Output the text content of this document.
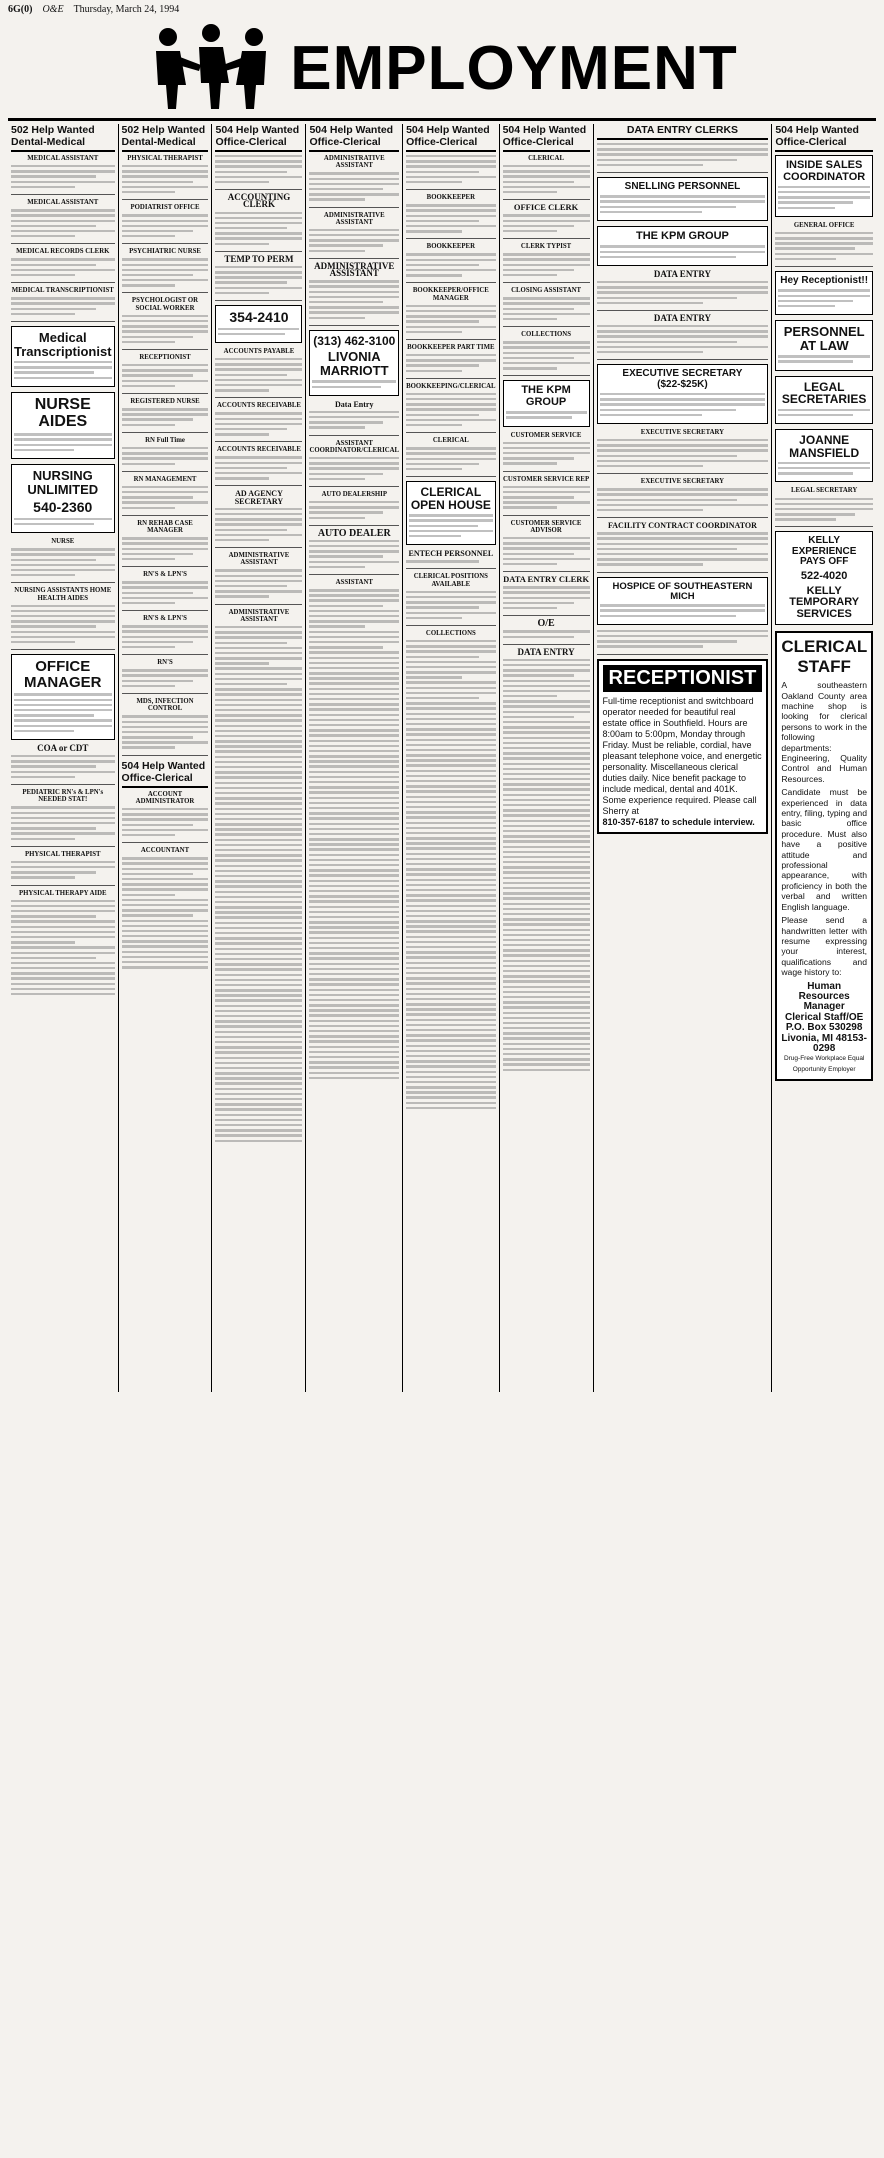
6G(0) O&E Thursday, March 24, 1994
EMPLOYMENT
502 Help Wanted
Dental-Medical
MEDICAL ASSISTANT
MEDICAL ASSISTANT
MEDICAL RECORDS CLERK
MEDICAL TRANSCRIPTIONIST
Medical Transcriptionist
NURSE AIDES
NURSING UNLIMITED
540-2360
NURSE
NURSING ASSISTANTS HOME HEALTH AIDES
OFFICE MANAGER
COA or CDT
PEDIATRIC RN's & LPN's NEEDED STAT!
PHYSICAL THERAPIST
PHYSICAL THERAPY AIDE
502 Help Wanted
Dental-Medical
PHYSICAL THERAPIST
PODIATRIST OFFICE
PSYCHIATRIC NURSE
PSYCHOLOGIST OR SOCIAL WORKER
RECEPTIONIST
REGISTERED NURSE
RN Full Time
RN MANAGEMENT
RN REHAB CASE MANAGER
RN'S & LPN'S
RN'S & LPN'S
RN'S
MDS, INFECTION CONTROL
504 Help Wanted Office-Clerical
ACCOUNT ADMINISTRATOR
ACCOUNTANT
504 Help Wanted
Office-Clerical
ACCOUNTING CLERK
TEMP TO PERM
354-2410
ACCOUNTS PAYABLE
ACCOUNTS RECEIVABLE
ACCOUNTS RECEIVABLE
AD AGENCY SECRETARY
ADMINISTRATIVE ASSISTANT
ADMINISTRATIVE ASSISTANT
504 Help Wanted
Office-Clerical
ADMINISTRATIVE ASSISTANT
ADMINISTRATIVE ASSISTANT
ADMINISTRATIVE ASSISTANT
(313) 462-3100
LIVONIA MARRIOTT
Data Entry
ASSISTANT COORDINATOR/CLERICAL
AUTO DEALERSHIP
AUTO DEALER
ASSISTANT
504 Help Wanted
Office-Clerical
BOOKKEEPER
BOOKKEEPER
BOOKKEEPER/OFFICE MANAGER
BOOKKEEPER PART TIME
BOOKKEEPING/CLERICAL
CLERICAL
CLERICAL OPEN HOUSE
ENTECH PERSONNEL
CLERICAL POSITIONS AVAILABLE
COLLECTIONS
504 Help Wanted
Office-Clerical
CLERICAL
OFFICE CLERK
CLERK TYPIST
CLOSING ASSISTANT
COLLECTIONS
THE KPM GROUP
CUSTOMER SERVICE
CUSTOMER SERVICE REP
CUSTOMER SERVICE ADVISOR
DATA ENTRY CLERK
O/E
DATA ENTRY
DATA ENTRY CLERKS
SNELLING PERSONNEL
THE KPM GROUP
DATA ENTRY
DATA ENTRY
EXECUTIVE SECRETARY ($22-$25K)
EXECUTIVE SECRETARY
EXECUTIVE SECRETARY
FACILITY CONTRACT COORDINATOR
HOSPICE OF SOUTHEASTERN MICH
RECEPTIONIST

Full-time receptionist and switchboard operator needed for beautiful real estate office in Southfield. Hours are 8:00am to 5:00pm, Monday through Friday. Must be reliable, cordial, have pleasant telephone voice, and energetic personality. Miscellaneous clerical duties daily. Nice benefit package to include medical, dental and 401K. Some experience required. Please call Sherry at

810-357-6187 to schedule interview.

504 Help Wanted
Office-Clerical
INSIDE SALES COORDINATOR
GENERAL OFFICE
Hey Receptionist!!
PERSONNEL AT LAW
LEGAL SECRETARIES
JOANNE MANSFIELD
LEGAL SECRETARY
KELLY EXPERIENCE PAYS OFF
522-4020
KELLY TEMPORARY SERVICES
CLERICAL STAFF

A southeastern Oakland County area machine shop is looking for clerical persons to work in the following departments: Engineering, Quality Control and Human Resources.

Candidate must be experienced in data entry, filing, typing and basic office procedure. Must also have a positive attitude and professional appearance, with proficiency in both the verbal and written English language.

Please send a handwritten letter with resume expressing your interest, qualifications and wage history to:

Human Resources Manager

Clerical Staff/OE

P.O. Box 530298

Livonia, MI 48153-0298

Drug-Free Workplace Equal Opportunity Employer
